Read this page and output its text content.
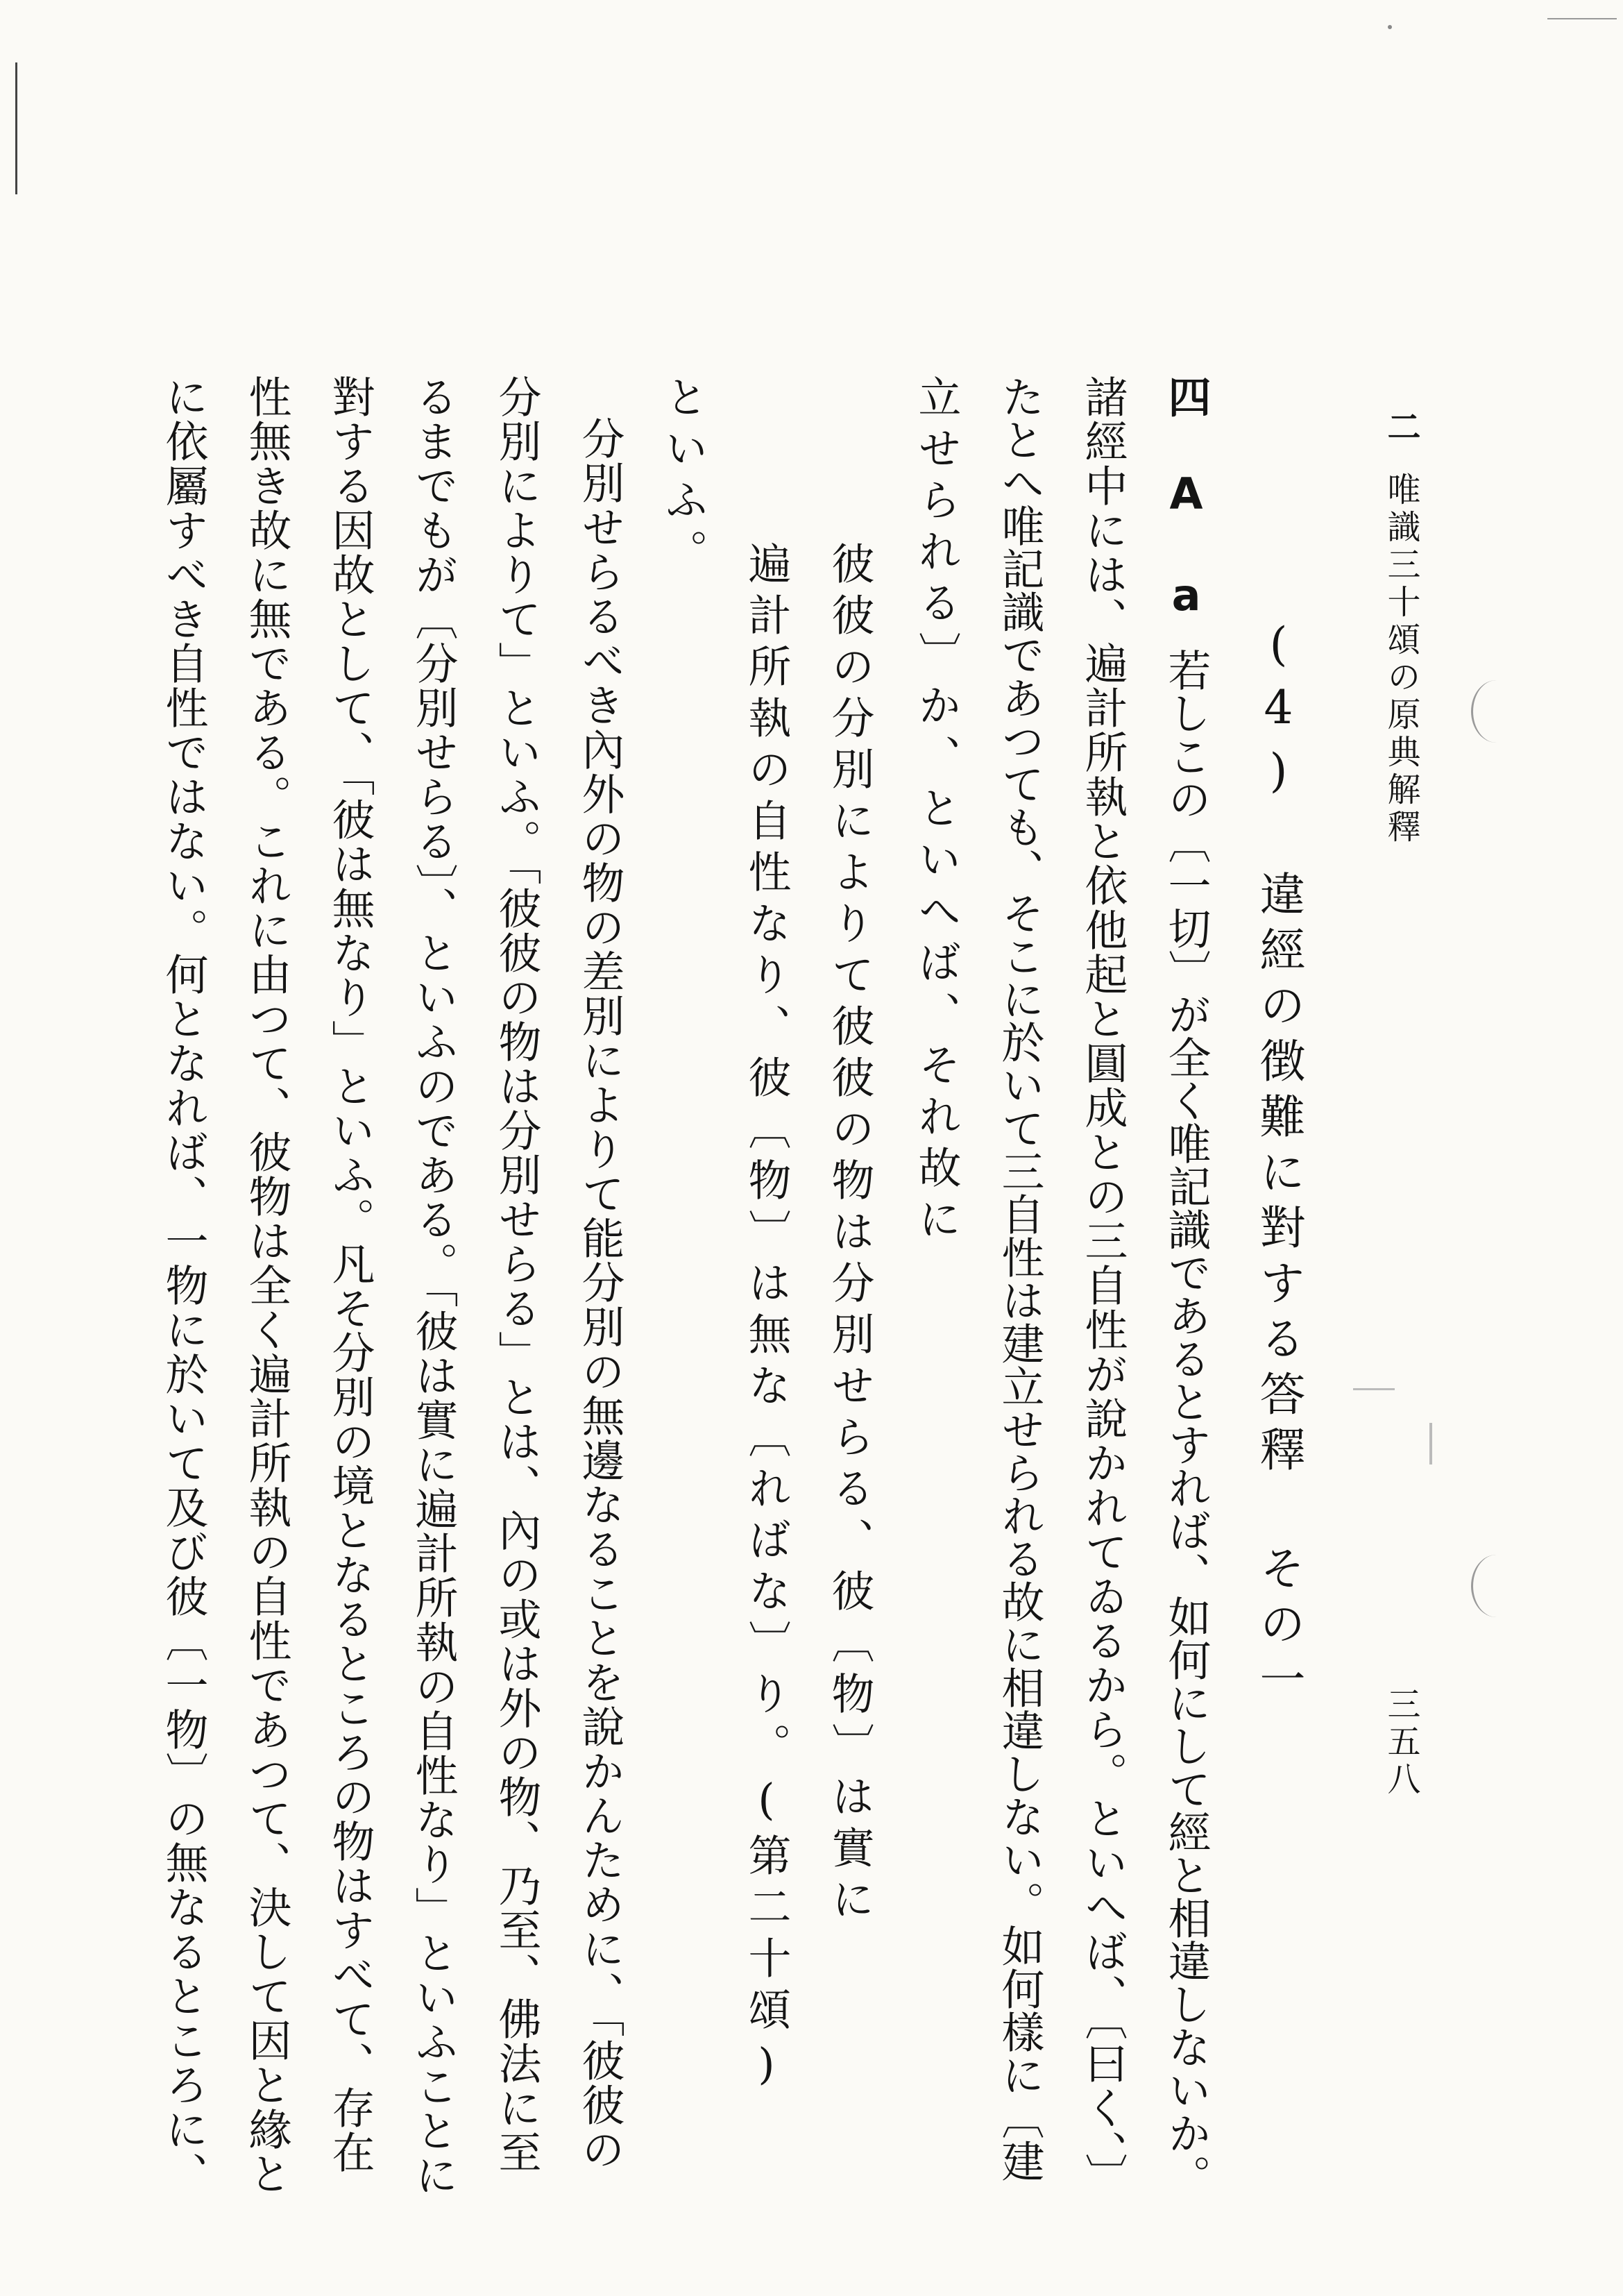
二唯識三十頌の原典解釋
三五八
(4) 違經の徴難に對する答釋 その一
四 A a若しこの〔一切〕が全く唯記識であるとすれば、如何にして經と相違しないか。
諸經中には、遍計所執と依他起と圓成との三自性が說かれてゐるから。といへば、〔曰く、〕
たとへ唯記識であつても、そこに於いて三自性は建立せられる故に相違しない。如何樣に〔建
立せられる〕か、といへば、それ故に
彼彼の分別によりて彼彼の物は分別せらる、彼〔物〕は實に
遍計所執の自性なり、彼〔物〕は無な〔ればな〕り。(第二十頌)
といふ。
分別せらるべき內外の物の差別によりて能分別の無邊なることを說かんために、「彼彼の
分別によりて」といふ。「彼彼の物は分別せらる」とは、內の或は外の物、乃至、佛法に至
るまでもが〔分別せらる〕、といふのである。「彼は實に遍計所執の自性なり」といふことに
對する因故として、「彼は無なり」といふ。凡そ分別の境となるところの物はすべて、存在
性無き故に無である。これに由つて、彼物は全く遍計所執の自性であつて、決して因と緣と
に依屬すべき自性ではない。何となれば、一物に於いて及び彼〔一物〕の無なるところに、
